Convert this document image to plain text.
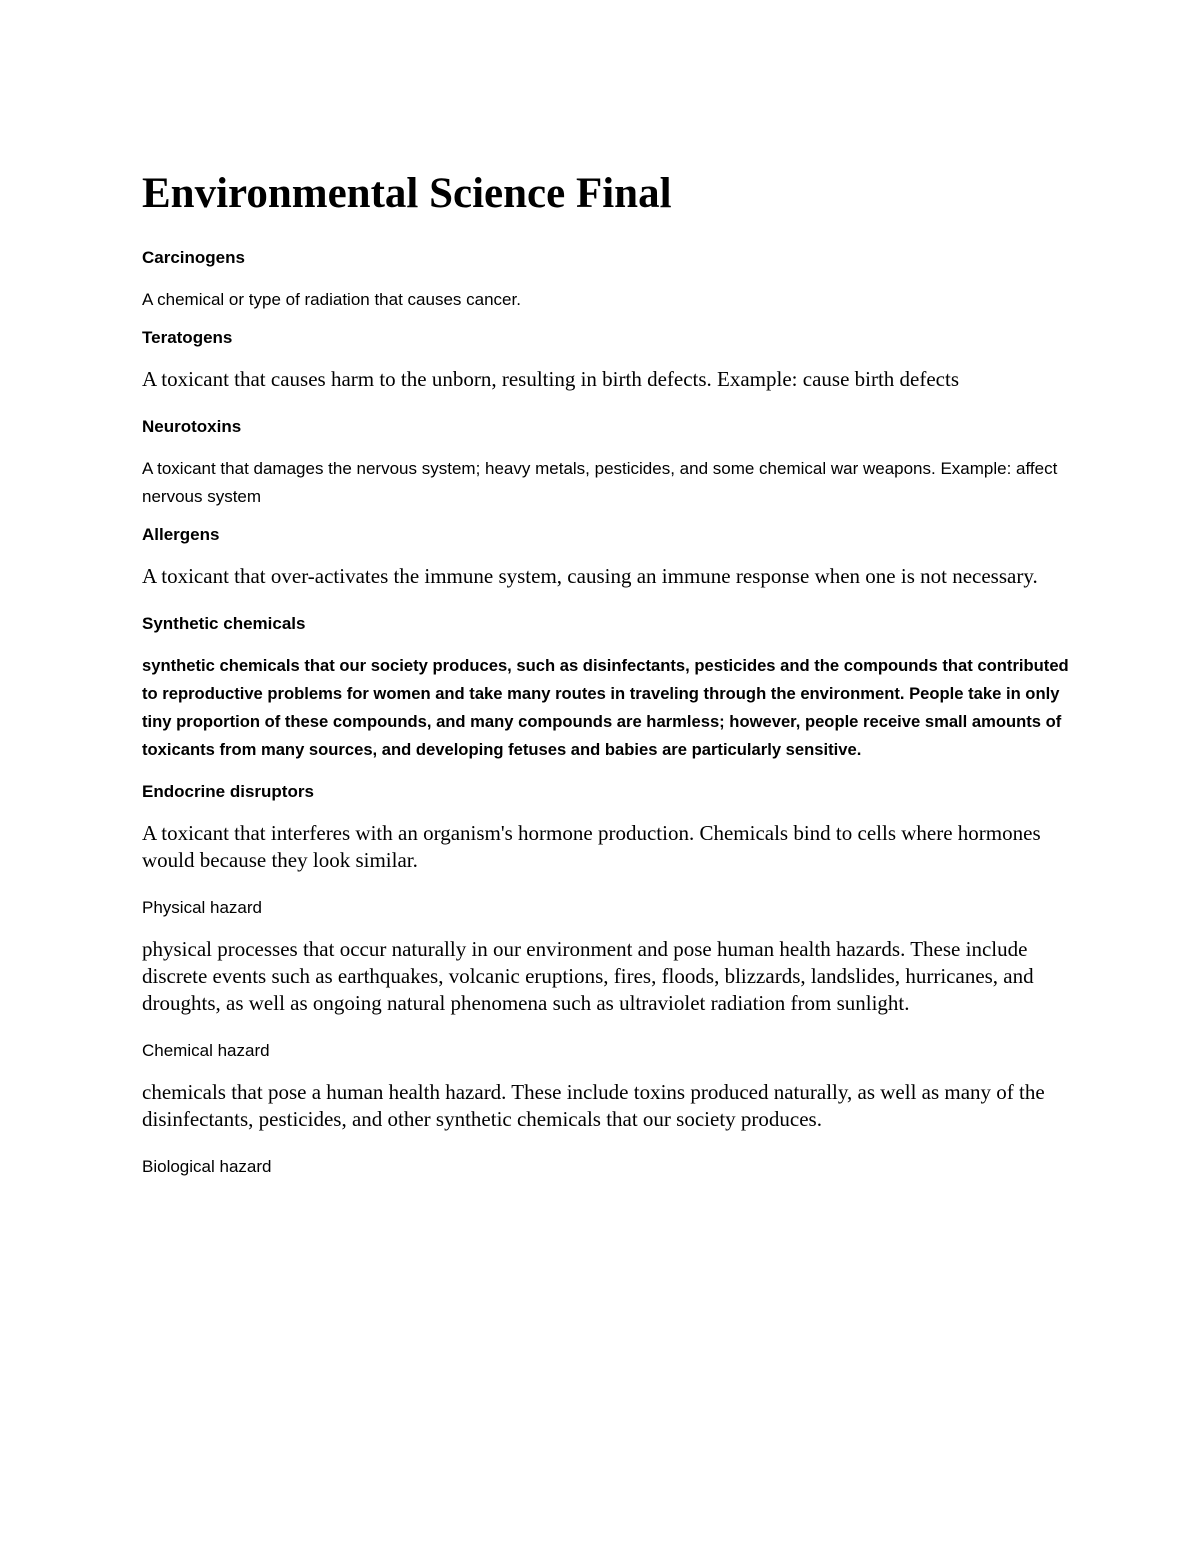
Environmental Science Final

Carcinogens

A chemical or type of radiation that causes cancer.

Teratogens

A toxicant that causes harm to the unborn, resulting in birth defects. Example: cause birth defects

Neurotoxins

A toxicant that damages the nervous system; heavy metals, pesticides, and some chemical war weapons. Example: affect nervous system

Allergens

A toxicant that over-activates the immune system, causing an immune response when one is not necessary.

Synthetic chemicals

synthetic chemicals that our society produces, such as disinfectants, pesticides and the compounds that contributed to reproductive problems for women and take many routes in traveling through the environment. People take in only tiny proportion of these compounds, and many compounds are harmless; however, people receive small amounts of toxicants from many sources, and developing fetuses and babies are particularly sensitive.

Endocrine disruptors

A toxicant that interferes with an organism's hormone production. Chemicals bind to cells where hormones would because they look similar.

Physical hazard

physical processes that occur naturally in our environment and pose human health hazards. These include discrete events such as earthquakes, volcanic eruptions, fires, floods, blizzards, landslides, hurricanes, and droughts, as well as ongoing natural phenomena such as ultraviolet radiation from sunlight.

Chemical hazard

chemicals that pose a human health hazard. These include toxins produced naturally, as well as many of the disinfectants, pesticides, and other synthetic chemicals that our society produces.

Biological hazard
